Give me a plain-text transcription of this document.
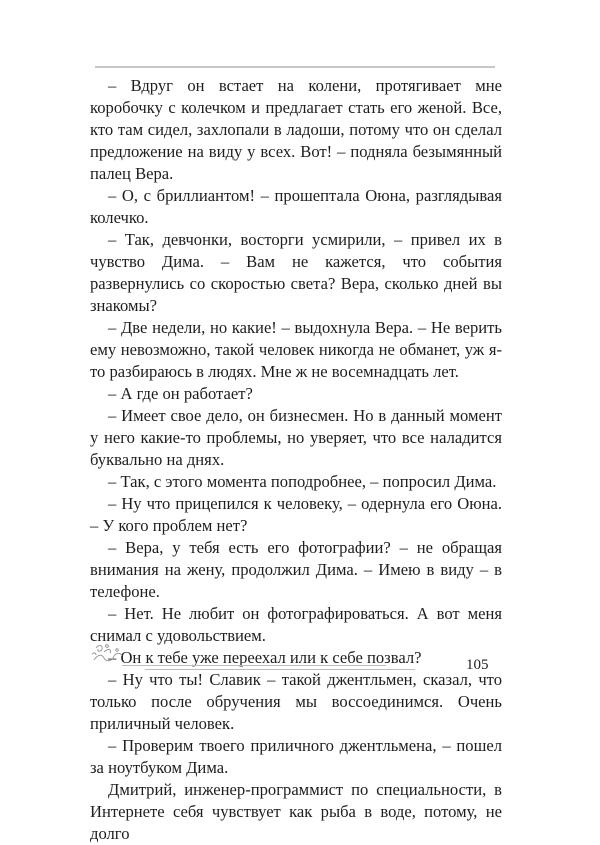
– Вдруг он встает на колени, протягивает мне коробочку с колечком и предлагает стать его женой. Все, кто там сидел, захлопали в ладоши, потому что он сделал предложение на виду у всех. Вот! – подняла безымянный палец Вера.

– О, с бриллиантом! – прошептала Оюна, разглядывая колечко.

– Так, девчонки, восторги усмирили, – привел их в чувство Дима. – Вам не кажется, что события развернулись со скоростью света? Вера, сколько дней вы знакомы?

– Две недели, но какие! – выдохнула Вера. – Не верить ему невозможно, такой человек никогда не обманет, уж я-то разбираюсь в людях. Мне ж не восемнадцать лет.

– А где он работает?

– Имеет свое дело, он бизнесмен. Но в данный момент у него какие-то проблемы, но уверяет, что все наладится буквально на днях.

– Так, с этого момента поподробнее, – попросил Дима.

– Ну что прицепился к человеку, – одернула его Оюна. – У кого проблем нет?

– Вера, у тебя есть его фотографии? – не обращая внимания на жену, продолжил Дима. – Имею в виду – в телефоне.

– Нет. Не любит он фотографироваться. А вот меня снимал с удовольствием.

– Он к тебе уже переехал или к себе позвал?

– Ну что ты! Славик – такой джентльмен, сказал, что только после обручения мы воссоединимся. Очень приличный человек.

– Проверим твоего приличного джентльмена, – пошел за ноутбуком Дима.

Дмитрий, инженер-программист по специальности, в Интернете себя чувствует как рыба в воде, потому, не долго

105
